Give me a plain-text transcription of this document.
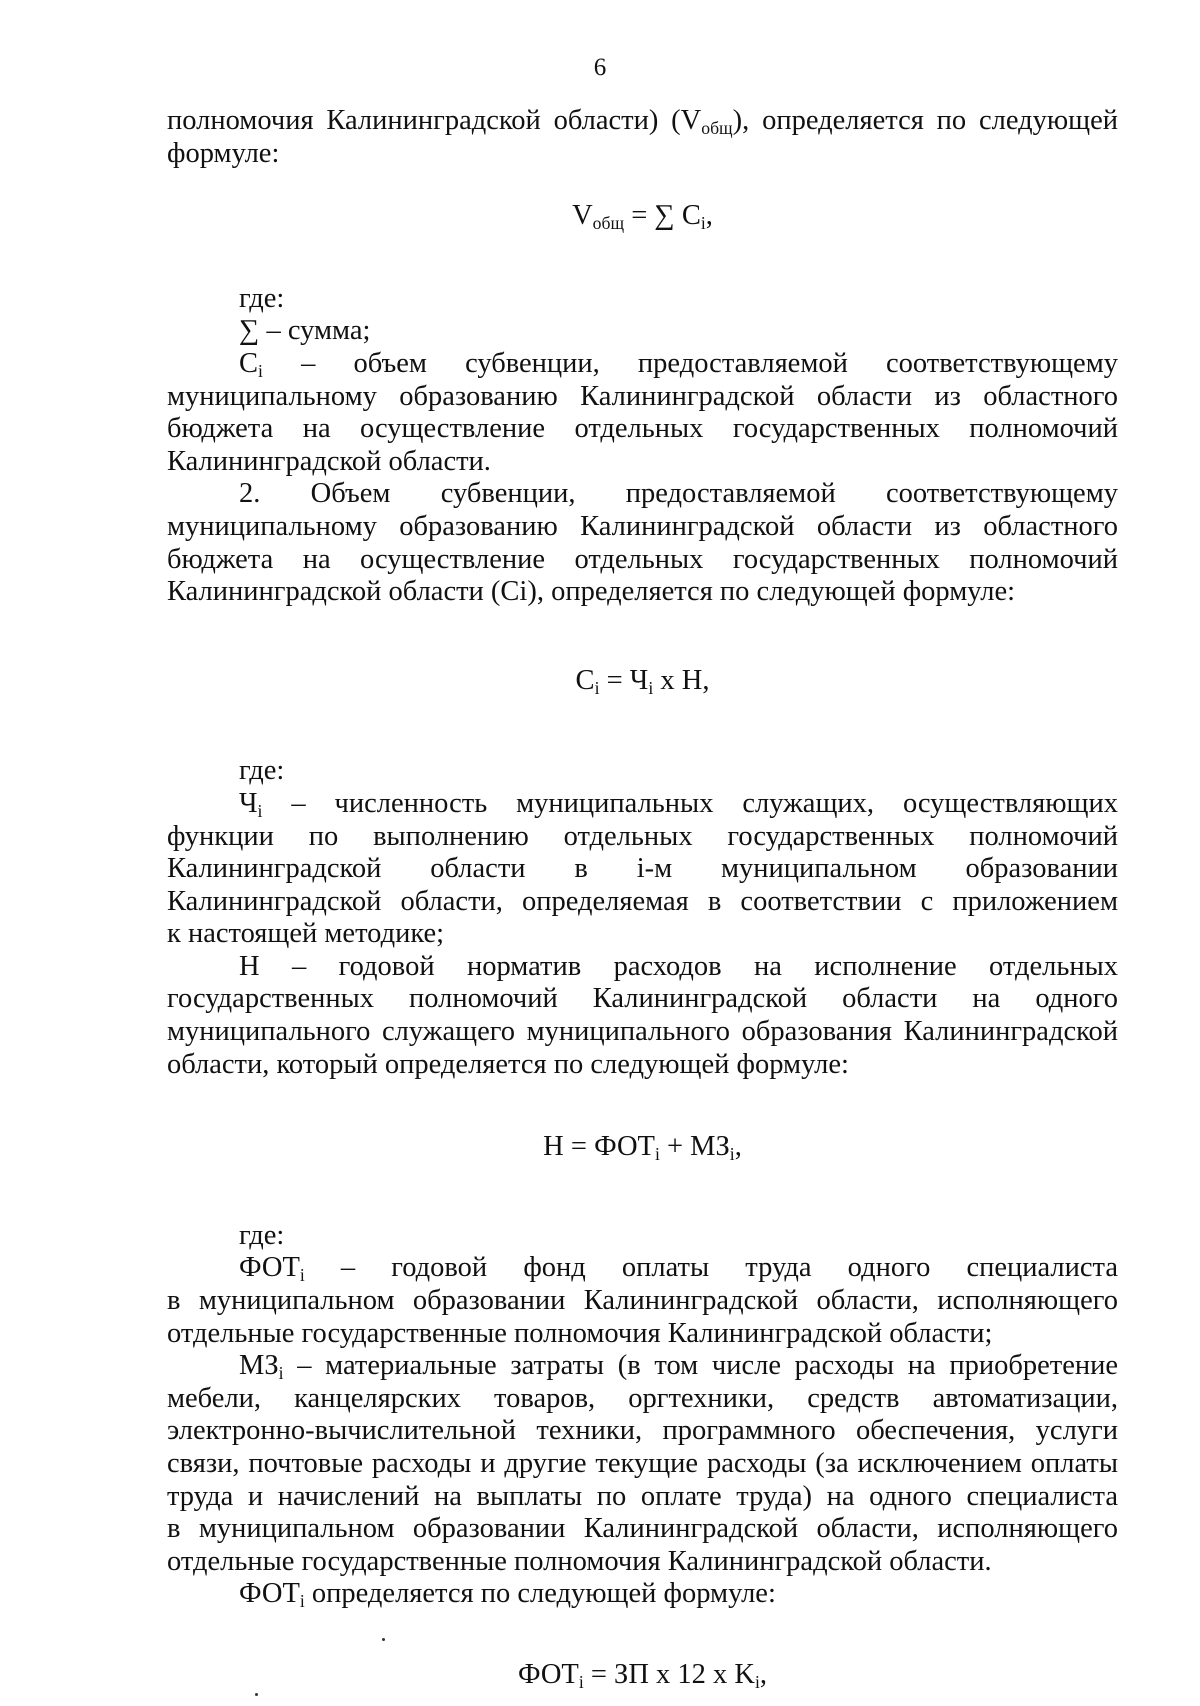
6

полномочия Калининградской области) $(V_{общ})$, определяется по следующей

формуле:

$V_{общ}$ = ∑ $C_i$,

где:

∑ – сумма;

$C_i$ – объем субвенции, предоставляемой соответствующему

муниципальному образованию Калининградской области из областного

бюджета на осуществление отдельных государственных полномочий

Калининградской области.

2. Объем субвенции, предоставляемой соответствующему

муниципальному образованию Калининградской области из областного

бюджета на осуществление отдельных государственных полномочий

Калининградской области (Ci), определяется по следующей формуле:

$C_i = Ч_i$ x H,

где:

$Ч_i$ – численность муниципальных служащих, осуществляющих

функции по выполнению отдельных государственных полномочий

Калининградской области в i-м муниципальном образовании

Калининградской области, определяемая в соответствии с приложением

к настоящей методике;

H – годовой норматив расходов на исполнение отдельных

государственных полномочий Калининградской области на одного

муниципального служащего муниципального образования Калининградской

области, который определяется по следующей формуле:

$H = ФОТ_i + МЗ_i$,

где:

$ФОТ_i$ – годовой фонд оплаты труда одного специалиста

в муниципальном образовании Калининградской области, исполняющего

отдельные государственные полномочия Калининградской области;

$МЗ_i$ – материальные затраты (в том числе расходы на приобретение

мебели, канцелярских товаров, оргтехники, средств автоматизации,

электронно-вычислительной техники, программного обеспечения, услуги

связи, почтовые расходы и другие текущие расходы (за исключением оплаты

труда и начислений на выплаты по оплате труда) на одного специалиста

в муниципальном образовании Калининградской области, исполняющего

отдельные государственные полномочия Калининградской области.

$ФОТ_i$ определяется по следующей формуле:

$ФОТ_i$ = ЗП x 12 x $K_i$,
